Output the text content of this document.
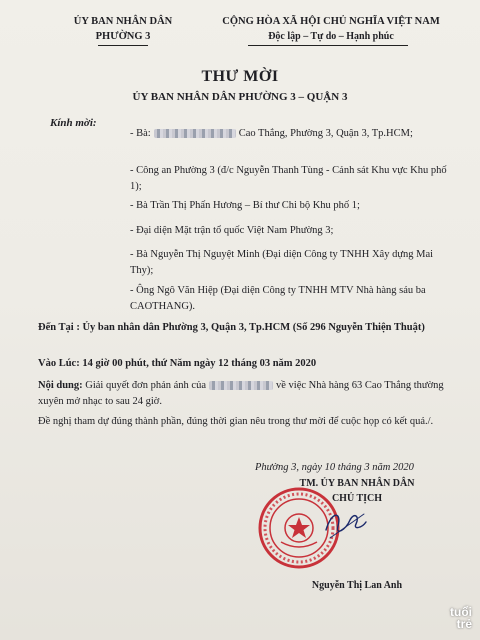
ỦY BAN NHÂN DÂN
PHƯỜNG 3
CỘNG HÒA XÃ HỘI CHỦ NGHĨA VIỆT NAM
Độc lập – Tự do – Hạnh phúc
THƯ MỜI
ỦY BAN NHÂN DÂN PHƯỜNG 3 – QUẬN 3
Kính mời:
- Bà:	Cao Thắng, Phường 3, Quận 3, Tp.HCM;
- Công an Phường 3 (đ/c Nguyễn Thanh Tùng - Cảnh sát Khu vực Khu phố 1);
- Bà Trần Thị Phấn Hương – Bí thư Chi bộ Khu phố 1;
- Đại diện Mặt trận tổ quốc Việt Nam Phường 3;
- Bà Nguyễn Thị Nguyệt Minh (Đại diện Công ty TNHH Xây dựng Mai Thy);
- Ông Ngô Văn Hiệp (Đại diện Công ty TNHH MTV Nhà hàng sáu ba CAOTHANG).
Đến Tại : Ủy ban nhân dân Phường 3, Quận 3, Tp.HCM (Số 296 Nguyễn Thiện Thuật)
Vào Lúc: 14 giờ 00 phút, thứ Năm ngày 12 tháng 03 năm 2020
Nội dung: Giải quyết đơn phản ánh của	về việc Nhà hàng 63 Cao Thắng thường xuyên mở nhạc to sau 24 giờ.
Đề nghị tham dự đúng thành phần, đúng thời gian nêu trong thư mời để cuộc họp có kết quả./.
Phường 3, ngày 10 tháng 3 năm 2020
TM. ỦY BAN NHÂN DÂN
CHỦ TỊCH
Nguyễn Thị Lan Anh
tuổi trẻ
